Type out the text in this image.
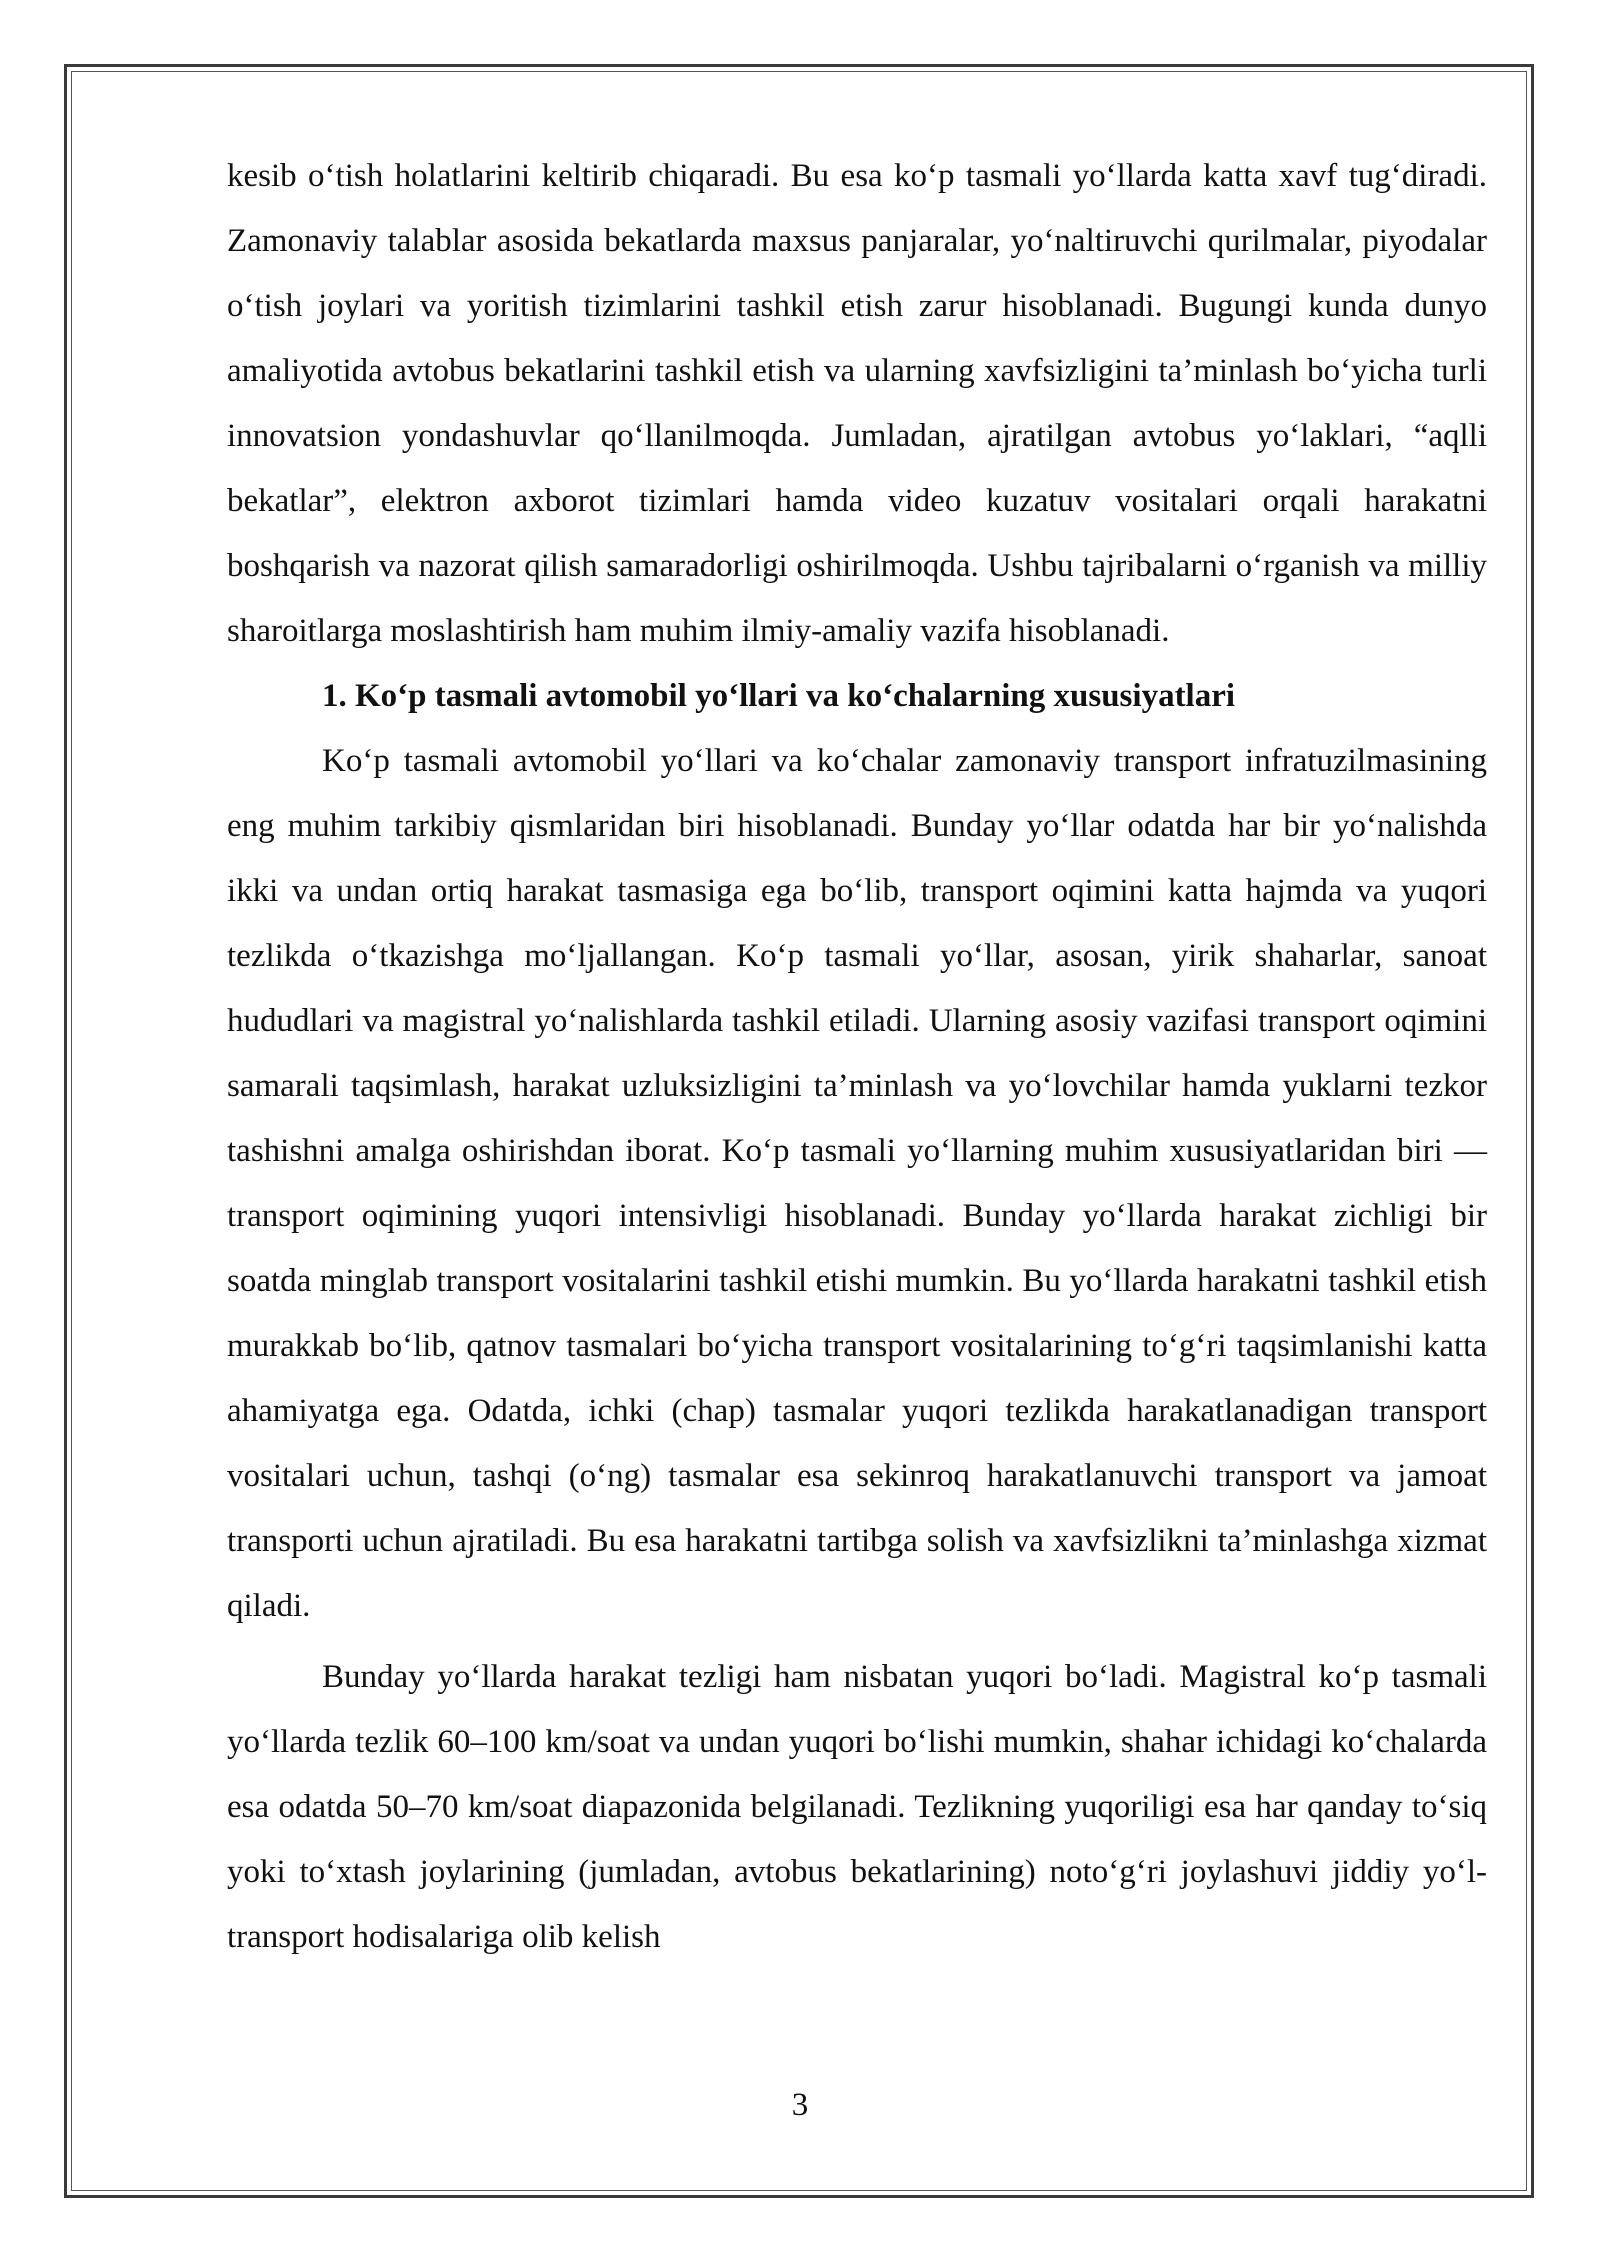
kesib o‘tish holatlarini keltirib chiqaradi. Bu esa ko‘p tasmali yo‘llarda katta xavf tug‘diradi. Zamonaviy talablar asosida bekatlarda maxsus panjaralar, yo‘naltiruvchi qurilmalar, piyodalar o‘tish joylari va yoritish tizimlarini tashkil etish zarur hisoblanadi. Bugungi kunda dunyo amaliyotida avtobus bekatlarini tashkil etish va ularning xavfsizligini ta’minlash bo‘yicha turli innovatsion yondashuvlar qo‘llanilmoqda. Jumladan, ajratilgan avtobus yo‘laklari, “aqlli bekatlar”, elektron axborot tizimlari hamda video kuzatuv vositalari orqali harakatni boshqarish va nazorat qilish samaradorligi oshirilmoqda. Ushbu tajribalarni o‘rganish va milliy sharoitlarga moslashtirish ham muhim ilmiy-amaliy vazifa hisoblanadi.

1. Ko‘p tasmali avtomobil yo‘llari va ko‘chalarning xususiyatlari

Ko‘p tasmali avtomobil yo‘llari va ko‘chalar zamonaviy transport infratuzilmasining eng muhim tarkibiy qismlaridan biri hisoblanadi. Bunday yo‘llar odatda har bir yo‘nalishda ikki va undan ortiq harakat tasmasiga ega bo‘lib, transport oqimini katta hajmda va yuqori tezlikda o‘tkazishga mo‘ljallangan. Ko‘p tasmali yo‘llar, asosan, yirik shaharlar, sanoat hududlari va magistral yo‘nalishlarda tashkil etiladi. Ularning asosiy vazifasi transport oqimini samarali taqsimlash, harakat uzluksizligini ta’minlash va yo‘lovchilar hamda yuklarni tezkor tashishni amalga oshirishdan iborat. Ko‘p tasmali yo‘llarning muhim xususiyatlaridan biri — transport oqimining yuqori intensivligi hisoblanadi. Bunday yo‘llarda harakat zichligi bir soatda minglab transport vositalarini tashkil etishi mumkin. Bu yo‘llarda harakatni tashkil etish murakkab bo‘lib, qatnov tasmalari bo‘yicha transport vositalarining to‘g‘ri taqsimlanishi katta ahamiyatga ega. Odatda, ichki (chap) tasmalar yuqori tezlikda harakatlanadigan transport vositalari uchun, tashqi (o‘ng) tasmalar esa sekinroq harakatlanuvchi transport va jamoat transporti uchun ajratiladi. Bu esa harakatni tartibga solish va xavfsizlikni ta’minlashga xizmat qiladi.

Bunday yo‘llarda harakat tezligi ham nisbatan yuqori bo‘ladi. Magistral ko‘p tasmali yo‘llarda tezlik 60–100 km/soat va undan yuqori bo‘lishi mumkin, shahar ichidagi ko‘chalarda esa odatda 50–70 km/soat diapazonida belgilanadi. Tezlikning yuqoriligi esa har qanday to‘siq yoki to‘xtash joylarining (jumladan, avtobus bekatlarining) noto‘g‘ri joylashuvi jiddiy yo‘l-transport hodisalariga olib kelish

3
